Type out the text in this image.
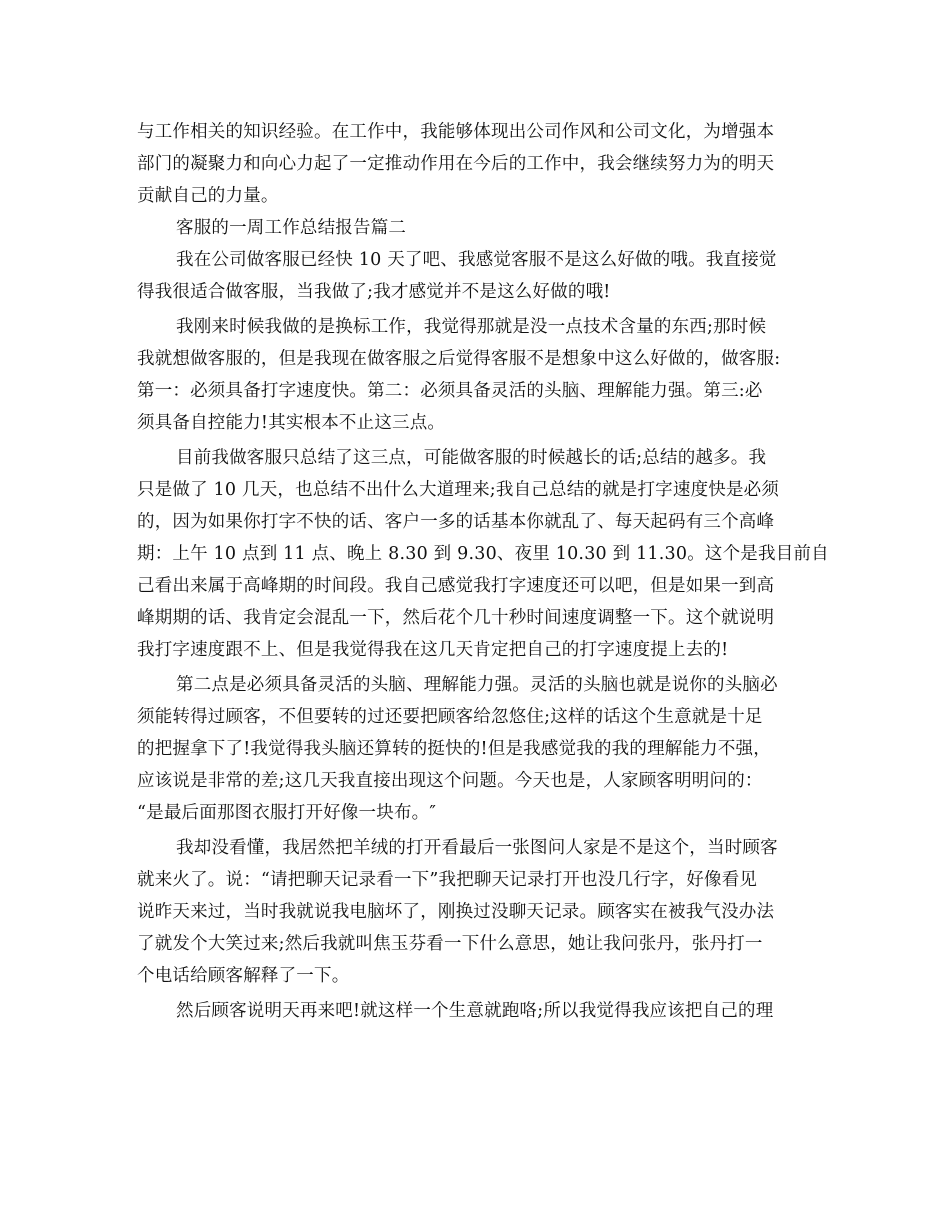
与工作相关的知识经验。在工作中，我能够体现出公司作风和公司文化，为增强本
部门的凝聚力和向心力起了一定推动作用在今后的工作中，我会继续努力为的明天
贡献自己的力量。
客服的一周工作总结报告篇二
我在公司做客服已经快 10 天了吧、我感觉客服不是这么好做的哦。我直接觉
得我很适合做客服，当我做了;我才感觉并不是这么好做的哦!
我刚来时候我做的是换标工作，我觉得那就是没一点技术含量的东西;那时候
我就想做客服的，但是我现在做客服之后觉得客服不是想象中这么好做的，做客服:
第一：必须具备打字速度快。第二：必须具备灵活的头脑、理解能力强。第三:必
须具备自控能力!其实根本不止这三点。
目前我做客服只总结了这三点，可能做客服的时候越长的话;总结的越多。我
只是做了 10 几天，也总结不出什么大道理来;我自己总结的就是打字速度快是必须
的，因为如果你打字不快的话、客户一多的话基本你就乱了、每天起码有三个高峰
期：上午 10 点到 11 点、晚上 8.30 到 9.30、夜里 10.30 到 11.30。这个是我目前自
己看出来属于高峰期的时间段。我自己感觉我打字速度还可以吧，但是如果一到高
峰期期的话、我肯定会混乱一下，然后花个几十秒时间速度调整一下。这个就说明
我打字速度跟不上、但是我觉得我在这几天肯定把自己的打字速度提上去的!
第二点是必须具备灵活的头脑、理解能力强。灵活的头脑也就是说你的头脑必
须能转得过顾客，不但要转的过还要把顾客给忽悠住;这样的话这个生意就是十足
的把握拿下了!我觉得我头脑还算转的挺快的!但是我感觉我的我的理解能力不强，
应该说是非常的差;这几天我直接出现这个问题。今天也是，人家顾客明明问的：
“是最后面那图衣服打开好像一块布。″
我却没看懂，我居然把羊绒的打开看最后一张图问人家是不是这个，当时顾客
就来火了。说：“请把聊天记录看一下”我把聊天记录打开也没几行字，好像看见
说昨天来过，当时我就说我电脑坏了，刚换过没聊天记录。顾客实在被我气没办法
了就发个大笑过来;然后我就叫焦玉芬看一下什么意思，她让我问张丹，张丹打一
个电话给顾客解释了一下。
然后顾客说明天再来吧!就这样一个生意就跑咯;所以我觉得我应该把自己的理
